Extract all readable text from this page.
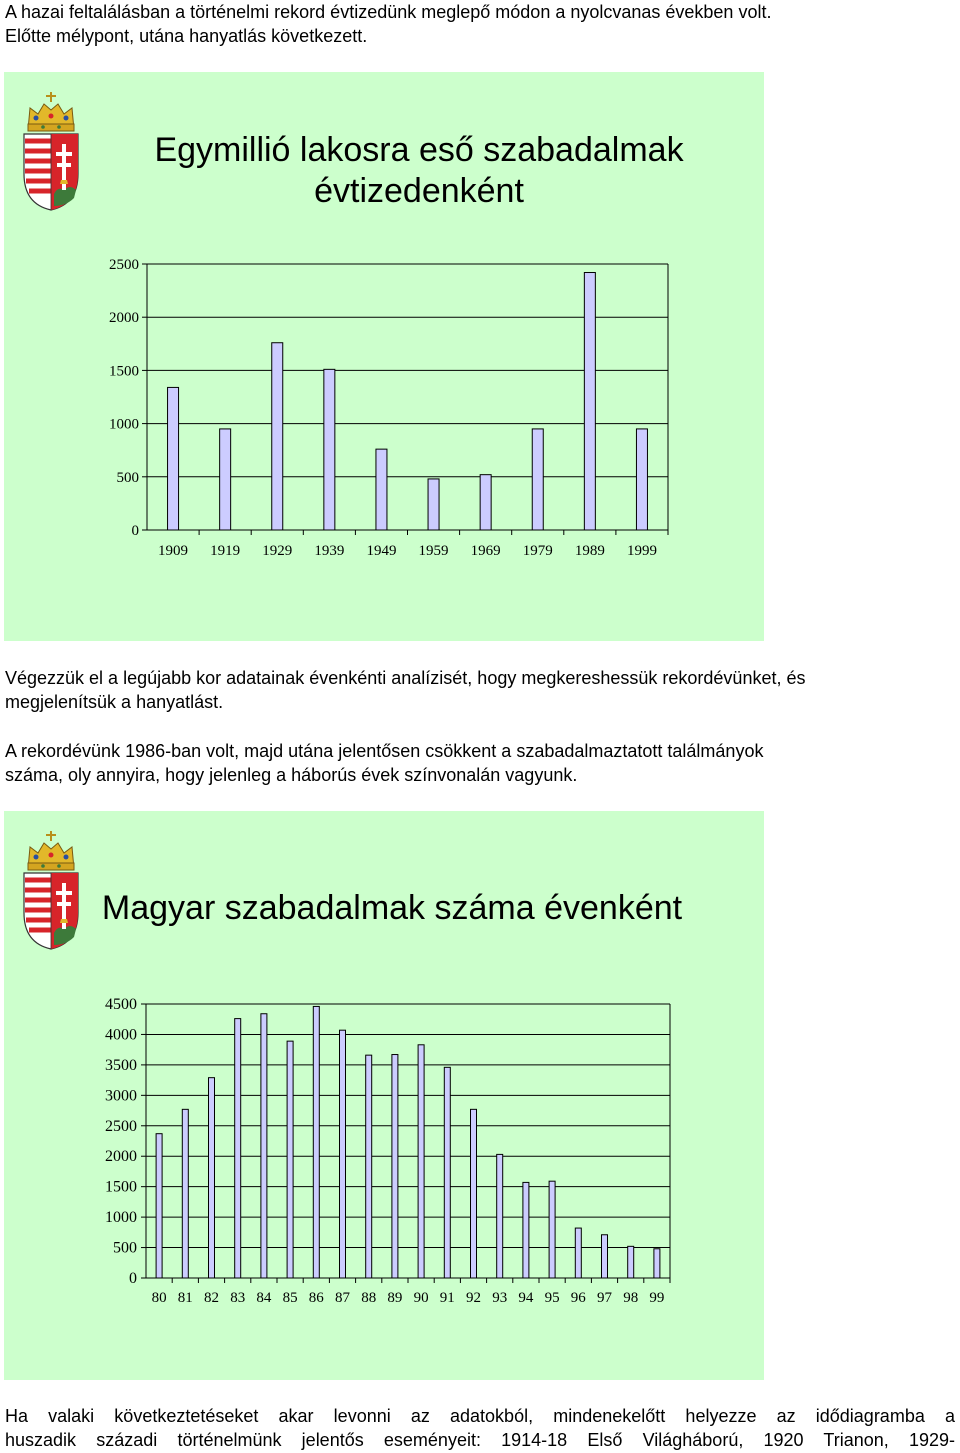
A hazai feltalálásban a történelmi rekord évtizedünk meglepő módon a nyolcvanas években volt.
Előtte mélypont, utána hanyatlás következett.

Egymillió lakosra eső szabadalmak
évtizedenként
0
500
1000
1500
2000
2500
1909 1919 1929 1939 1949 1959 1969 1979 1989 1999

Végezzük el a legújabb kor adatainak évenkénti analízisét, hogy megkereshessük rekordévünket, és
megjelenítsük a hanyatlást.

A rekordévünk 1986-ban volt, majd utána jelentősen csökkent a szabadalmaztatott találmányok
száma, oly annyira, hogy jelenleg a háborús évek színvonalán vagyunk.

Magyar szabadalmak száma évenként
0
500
1000
1500
2000
2500
3000
3500
4000
4500
80 81 82 83 84 85 86 87 88 89 90 91 92 93 94 95 96 97 98 99

Ha valaki következtetéseket akar levonni az adatokból, mindenekelőtt helyezze az idődiagramba a
huszadik századi történelmünk jelentős eseményeit: 1914-18 Első Világháború, 1920 Trianon, 1929-
